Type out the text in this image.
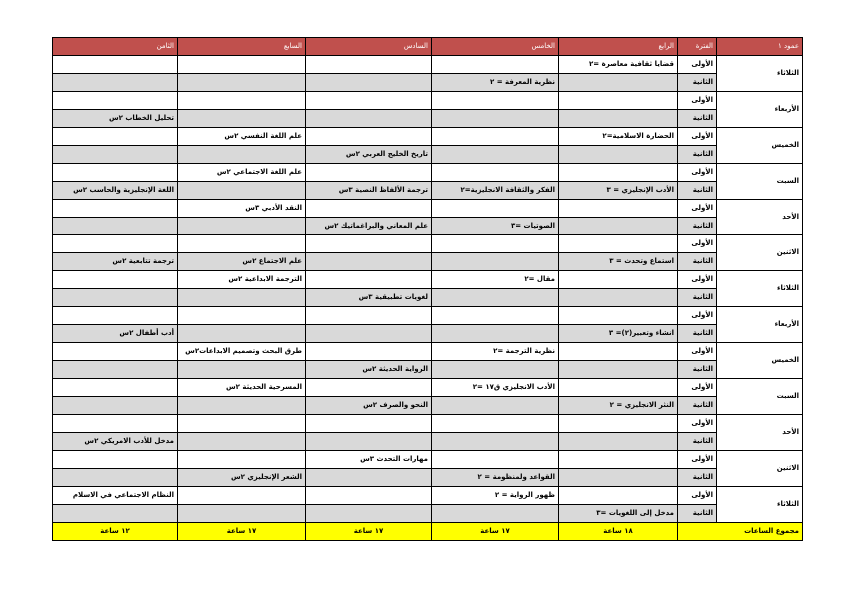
عمود ١	الفترة	الرابع	الخامس	السادس	السابع	الثامن
الثلاثاء	الأولى	قضايا ثقافية معاصرة =٢				
	الثانية		نظرية المعرفة = ٢			
الأربعاء	الأولى					
	الثانية					تحليل الخطاب ٢س
الخميس	الأولى	الحضارة الاسلامية=٢			علم اللغة النفسي ٢س	
	الثانية			تاريخ الخليج العربي ٢س		
السبت	الأولى				علم اللغة الاجتماعي ٢س	
	الثانية	الأدب الإنجليزي = ٣	الفكر والثقافة الانجليزية=٢	ترجمة الألفاظ النصية ٣س		اللغة الإنجليزية والحاسب ٢س
الأحد	الأولى				النقد الأدبي ٣س	
	الثانية		الصوتيات =٣	علم المعاني والبراغماتيك ٢س		
الاثنين	الأولى					
	الثانية	استماع وتحدث = ٣			علم الاجتماع ٢س	ترجمة تتابعية ٢س
الثلاثاء	الأولى		مقال =٢		الترجمة الابداعية ٢س	
	الثانية			لغويات تطبيقية ٣س		
الأربعاء	الأولى					
	الثانية	انشاء وتعبير(٢)= ٣				أدب أطفال ٢س
الخميس	الأولى		نظرية الترجمة =٢		طرق البحث وتصميم الابداعات٢س	
	الثانية			الرواية الحديثة ٢س		
السبت	الأولى		الأدب الانجليزي ق١٧ =٢		المسرحية الحديثة ٢س	
	الثانية	النثر الانجليزي = ٢		النحو والصرف ٢س		
الأحد	الأولى					
	الثانية					مدخل للأدب الامريكي ٢س
الاثنين	الأولى			مهارات التحدث ٣س		
	الثانية		القواعد ولمنظومة = ٢		الشعر الإنجليزي ٢س	
الثلاثاء	الأولى		ظهور الرواية = ٢			النظام الاجتماعي في الاسلام
	الثانية	مدخل إلى اللغويات =٣				
مجموع الساعات		١٨ ساعة	١٧ ساعة	١٧ ساعة	١٧ ساعة	١٢ ساعة
